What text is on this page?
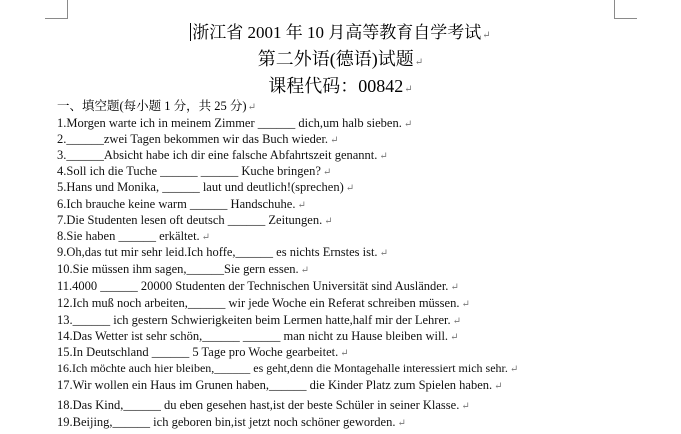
浙江省 2001 年 10 月高等教育自学考试↵
第二外语(德语)试题↵
课程代码：00842↵
一、填空题(每小题 1 分，共 25 分)↵
1.Morgen warte ich in meinem Zimmer ______ dich,um halb sieben. ↵
2.______zwei Tagen bekommen wir das Buch wieder. ↵
3.______Absicht habe ich dir eine falsche Abfahrtszeit genannt. ↵
4.Soll ich die Tuche ______ ______ Kuche bringen? ↵
5.Hans und Monika, ______ laut und deutlich!(sprechen) ↵
6.Ich brauche keine warm ______ Handschuhe. ↵
7.Die Studenten lesen oft deutsch ______ Zeitungen. ↵
8.Sie haben ______ erkältet. ↵
9.Oh,das tut mir sehr leid.Ich hoffe,______ es nichts Ernstes ist. ↵
10.Sie müssen ihm sagen,______Sie gern essen. ↵
11.4000 ______ 20000 Studenten der Technischen Universität sind Ausländer. ↵
12.Ich muß noch arbeiten,______ wir jede Woche ein Referat schreiben müssen. ↵
13.______ ich gestern Schwierigkeiten beim Lermen hatte,half mir der Lehrer. ↵
14.Das Wetter ist sehr schön,______ ______ man nicht zu Hause bleiben will. ↵
15.In Deutschland ______ 5 Tage pro Woche gearbeitet. ↵
16.Ich möchte auch hier bleiben,______ es geht,denn die Montagehalle interessiert mich sehr. ↵
17.Wir wollen ein Haus im Grunen haben,______ die Kinder Platz zum Spielen haben. ↵
18.Das Kind,______ du eben gesehen hast,ist der beste Schüler in seiner Klasse. ↵
19.Beijing,______ ich geboren bin,ist jetzt noch schöner geworden. ↵
